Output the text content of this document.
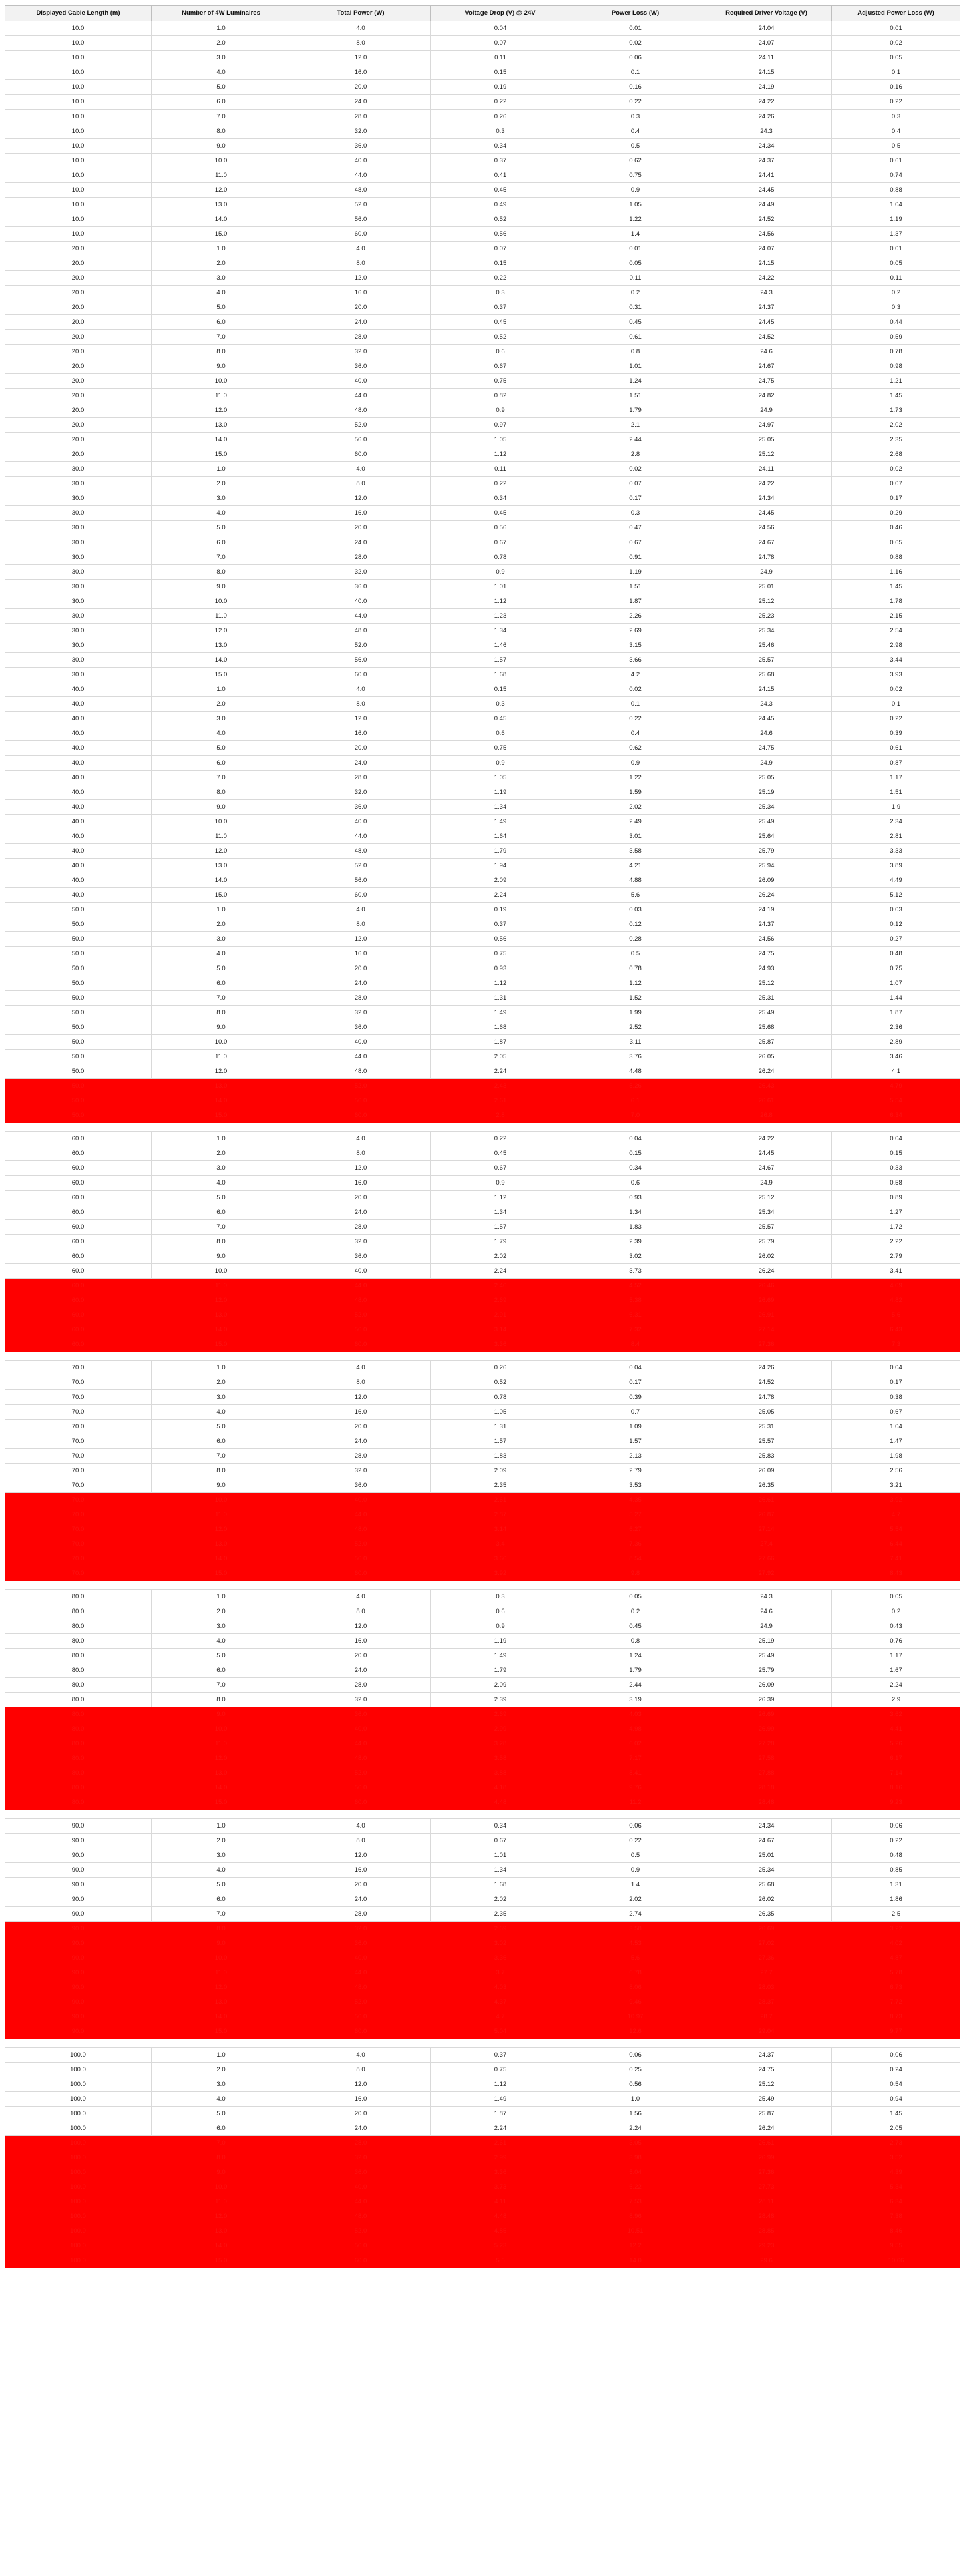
Displayed Cable Length (m)	Number of 4W Luminaires	Total Power (W)	Voltage Drop (V) @ 24V	Power Loss (W)	Required Driver Voltage (V)	Adjusted Power Loss (W)
10.0	1.0	4.0	0.04	0.01	24.04	0.01
10.0	2.0	8.0	0.07	0.02	24.07	0.02
10.0	3.0	12.0	0.11	0.06	24.11	0.05
10.0	4.0	16.0	0.15	0.1	24.15	0.1
10.0	5.0	20.0	0.19	0.16	24.19	0.16
10.0	6.0	24.0	0.22	0.22	24.22	0.22
10.0	7.0	28.0	0.26	0.3	24.26	0.3
10.0	8.0	32.0	0.3	0.4	24.3	0.4
10.0	9.0	36.0	0.34	0.5	24.34	0.5
10.0	10.0	40.0	0.37	0.62	24.37	0.61
10.0	11.0	44.0	0.41	0.75	24.41	0.74
10.0	12.0	48.0	0.45	0.9	24.45	0.88
10.0	13.0	52.0	0.49	1.05	24.49	1.04
10.0	14.0	56.0	0.52	1.22	24.52	1.19
10.0	15.0	60.0	0.56	1.4	24.56	1.37
20.0	1.0	4.0	0.07	0.01	24.07	0.01
20.0	2.0	8.0	0.15	0.05	24.15	0.05
20.0	3.0	12.0	0.22	0.11	24.22	0.11
20.0	4.0	16.0	0.3	0.2	24.3	0.2
20.0	5.0	20.0	0.37	0.31	24.37	0.3
20.0	6.0	24.0	0.45	0.45	24.45	0.44
20.0	7.0	28.0	0.52	0.61	24.52	0.59
20.0	8.0	32.0	0.6	0.8	24.6	0.78
20.0	9.0	36.0	0.67	1.01	24.67	0.98
20.0	10.0	40.0	0.75	1.24	24.75	1.21
20.0	11.0	44.0	0.82	1.51	24.82	1.45
20.0	12.0	48.0	0.9	1.79	24.9	1.73
20.0	13.0	52.0	0.97	2.1	24.97	2.02
20.0	14.0	56.0	1.05	2.44	25.05	2.35
20.0	15.0	60.0	1.12	2.8	25.12	2.68
30.0	1.0	4.0	0.11	0.02	24.11	0.02
30.0	2.0	8.0	0.22	0.07	24.22	0.07
30.0	3.0	12.0	0.34	0.17	24.34	0.17
30.0	4.0	16.0	0.45	0.3	24.45	0.29
30.0	5.0	20.0	0.56	0.47	24.56	0.46
30.0	6.0	24.0	0.67	0.67	24.67	0.65
30.0	7.0	28.0	0.78	0.91	24.78	0.88
30.0	8.0	32.0	0.9	1.19	24.9	1.16
30.0	9.0	36.0	1.01	1.51	25.01	1.45
30.0	10.0	40.0	1.12	1.87	25.12	1.78
30.0	11.0	44.0	1.23	2.26	25.23	2.15
30.0	12.0	48.0	1.34	2.69	25.34	2.54
30.0	13.0	52.0	1.46	3.15	25.46	2.98
30.0	14.0	56.0	1.57	3.66	25.57	3.44
30.0	15.0	60.0	1.68	4.2	25.68	3.93
40.0	1.0	4.0	0.15	0.02	24.15	0.02
40.0	2.0	8.0	0.3	0.1	24.3	0.1
40.0	3.0	12.0	0.45	0.22	24.45	0.22
40.0	4.0	16.0	0.6	0.4	24.6	0.39
40.0	5.0	20.0	0.75	0.62	24.75	0.61
40.0	6.0	24.0	0.9	0.9	24.9	0.87
40.0	7.0	28.0	1.05	1.22	25.05	1.17
40.0	8.0	32.0	1.19	1.59	25.19	1.51
40.0	9.0	36.0	1.34	2.02	25.34	1.9
40.0	10.0	40.0	1.49	2.49	25.49	2.34
40.0	11.0	44.0	1.64	3.01	25.64	2.81
40.0	12.0	48.0	1.79	3.58	25.79	3.33
40.0	13.0	52.0	1.94	4.21	25.94	3.89
40.0	14.0	56.0	2.09	4.88	26.09	4.49
40.0	15.0	60.0	2.24	5.6	26.24	5.12
50.0	1.0	4.0	0.19	0.03	24.19	0.03
50.0	2.0	8.0	0.37	0.12	24.37	0.12
50.0	3.0	12.0	0.56	0.28	24.56	0.27
50.0	4.0	16.0	0.75	0.5	24.75	0.48
50.0	5.0	20.0	0.93	0.78	24.93	0.75
50.0	6.0	24.0	1.12	1.12	25.12	1.07
50.0	7.0	28.0	1.31	1.52	25.31	1.44
50.0	8.0	32.0	1.49	1.99	25.49	1.87
50.0	9.0	36.0	1.68	2.52	25.68	2.36
50.0	10.0	40.0	1.87	3.11	25.87	2.89
50.0	11.0	44.0	2.05	3.76	26.05	3.46
50.0	12.0	48.0	2.24	4.48	26.24	4.1
50.0	13.0	52.0	2.43	5.26	26.43	4.79
50.0	14.0	56.0	2.61	6.1	26.61	5.54
50.0	15.0	60.0	2.8	7.0	26.8	6.34

60.0	1.0	4.0	0.22	0.04	24.22	0.04
60.0	2.0	8.0	0.45	0.15	24.45	0.15
60.0	3.0	12.0	0.67	0.34	24.67	0.33
60.0	4.0	16.0	0.9	0.6	24.9	0.58
60.0	5.0	20.0	1.12	0.93	25.12	0.89
60.0	6.0	24.0	1.34	1.34	25.34	1.27
60.0	7.0	28.0	1.57	1.83	25.57	1.72
60.0	8.0	32.0	1.79	2.39	25.79	2.22
60.0	9.0	36.0	2.02	3.02	26.02	2.79
60.0	10.0	40.0	2.24	3.73	26.24	3.41
60.0	11.0	44.0	2.46	4.52	26.46	4.09
60.0	12.0	48.0	2.69	5.38	26.69	4.82
60.0	13.0	52.0	2.91	6.31	26.91	5.6
60.0	14.0	56.0	3.14	7.32	27.14	6.43
60.0	15.0	60.0	3.36	8.4	27.36	7.3

70.0	1.0	4.0	0.26	0.04	24.26	0.04
70.0	2.0	8.0	0.52	0.17	24.52	0.17
70.0	3.0	12.0	0.78	0.39	24.78	0.38
70.0	4.0	16.0	1.05	0.7	25.05	0.67
70.0	5.0	20.0	1.31	1.09	25.31	1.04
70.0	6.0	24.0	1.57	1.57	25.57	1.47
70.0	7.0	28.0	1.83	2.13	25.83	1.98
70.0	8.0	32.0	2.09	2.79	26.09	2.56
70.0	9.0	36.0	2.35	3.53	26.35	3.21
70.0	10.0	40.0	2.61	4.35	26.61	3.92
70.0	11.0	44.0	2.87	5.27	26.87	4.7
70.0	12.0	48.0	3.14	6.27	27.14	5.54
70.0	13.0	52.0	3.4	7.36	27.4	6.44
70.0	14.0	56.0	3.66	8.54	27.66	7.41
70.0	15.0	60.0	3.92	9.8	27.92	8.43

80.0	1.0	4.0	0.3	0.05	24.3	0.05
80.0	2.0	8.0	0.6	0.2	24.6	0.2
80.0	3.0	12.0	0.9	0.45	24.9	0.43
80.0	4.0	16.0	1.19	0.8	25.19	0.76
80.0	5.0	20.0	1.49	1.24	25.49	1.17
80.0	6.0	24.0	1.79	1.79	25.79	1.67
80.0	7.0	28.0	2.09	2.44	26.09	2.24
80.0	8.0	32.0	2.39	3.19	26.39	2.9
80.0	9.0	36.0	2.69	4.03	26.69	3.62
80.0	10.0	40.0	2.99	4.98	26.99	4.41
80.0	11.0	44.0	3.28	6.02	27.28	5.26
80.0	12.0	48.0	3.58	7.17	27.58	6.17
80.0	13.0	52.0	3.88	8.41	27.88	7.14
80.0	14.0	56.0	4.18	9.76	28.18	8.16
80.0	15.0	60.0	4.48	11.2	28.48	9.23

90.0	1.0	4.0	0.34	0.06	24.34	0.06
90.0	2.0	8.0	0.67	0.22	24.67	0.22
90.0	3.0	12.0	1.01	0.5	25.01	0.48
90.0	4.0	16.0	1.34	0.9	25.34	0.85
90.0	5.0	20.0	1.68	1.4	25.68	1.31
90.0	6.0	24.0	2.02	2.02	26.02	1.86
90.0	7.0	28.0	2.35	2.74	26.35	2.5
90.0	8.0	32.0	2.69	3.58	26.69	3.22
90.0	9.0	36.0	3.02	4.53	27.02	4.02
90.0	10.0	40.0	3.36	5.6	27.36	4.87
90.0	11.0	44.0	3.7	6.78	27.7	5.78
90.0	12.0	48.0	4.03	8.06	28.03	6.73
90.0	13.0	52.0	4.37	9.46	28.37	7.72
90.0	14.0	56.0	4.7	10.97	28.7	8.73
90.0	15.0	60.0	5.04	12.6	29.04	9.77

100.0	1.0	4.0	0.37	0.06	24.37	0.06
100.0	2.0	8.0	0.75	0.25	24.75	0.24
100.0	3.0	12.0	1.12	0.56	25.12	0.54
100.0	4.0	16.0	1.49	1.0	25.49	0.94
100.0	5.0	20.0	1.87	1.56	25.87	1.45
100.0	6.0	24.0	2.24	2.24	26.24	2.05
100.0	7.0	28.0	2.61	3.05	26.61	2.73
100.0	8.0	32.0	2.99	3.98	26.99	3.52
100.0	9.0	36.0	3.36	5.04	27.36	4.39
100.0	10.0	40.0	3.73	6.22	27.73	5.34
100.0	11.0	44.0	4.11	7.53	28.11	6.34
100.0	12.0	48.0	4.48	8.96	28.48	7.38
100.0	13.0	52.0	4.85	10.51	28.85	8.46
100.0	14.0	56.0	5.23	12.2	29.23	9.55
100.0	15.0	60.0	5.6	14.0	29.6	10.66
